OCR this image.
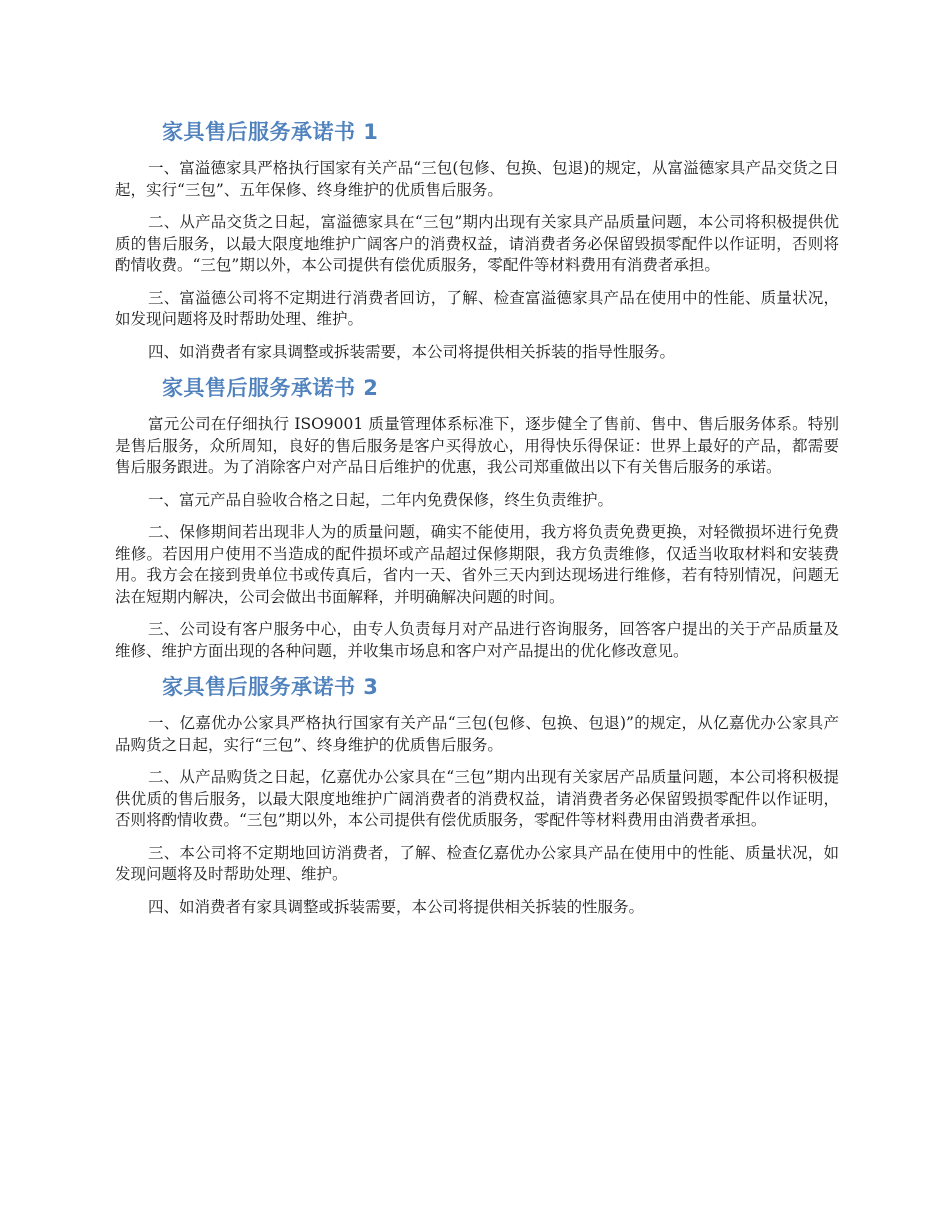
家具售后服务承诺书 1

一、富溢德家具严格执行国家有关产品“三包(包修、包换、包退)的规定，从富溢德家具产品交货之日起，实行“三包”、五年保修、终身维护的优质售后服务。

二、从产品交货之日起，富溢德家具在“三包”期内出现有关家具产品质量问题，本公司将积极提供优质的售后服务，以最大限度地维护广阔客户的消费权益，请消费者务必保留毁损零配件以作证明，否则将酌情收费。“三包”期以外，本公司提供有偿优质服务，零配件等材料费用有消费者承担。

三、富溢德公司将不定期进行消费者回访，了解、检查富溢德家具产品在使用中的性能、质量状况，如发现问题将及时帮助处理、维护。

四、如消费者有家具调整或拆装需要，本公司将提供相关拆装的指导性服务。

家具售后服务承诺书 2

富元公司在仔细执行 ISO9001 质量管理体系标准下，逐步健全了售前、售中、售后服务体系。特别是售后服务，众所周知，良好的售后服务是客户买得放心，用得快乐得保证：世界上最好的产品，都需要售后服务跟进。为了消除客户对产品日后维护的优惠，我公司郑重做出以下有关售后服务的承诺。

一、富元产品自验收合格之日起，二年内免费保修，终生负责维护。

二、保修期间若出现非人为的质量问题，确实不能使用，我方将负责免费更换，对轻微损坏进行免费维修。若因用户使用不当造成的配件损坏或产品超过保修期限，我方负责维修，仅适当收取材料和安装费用。我方会在接到贵单位书或传真后，省内一天、省外三天内到达现场进行维修，若有特别情况，问题无法在短期内解决，公司会做出书面解释，并明确解决问题的时间。

三、公司设有客户服务中心，由专人负责每月对产品进行咨询服务，回答客户提出的关于产品质量及维修、维护方面出现的各种问题，并收集市场息和客户对产品提出的优化修改意见。

家具售后服务承诺书 3

一、亿嘉优办公家具严格执行国家有关产品“三包(包修、包换、包退)”的规定，从亿嘉优办公家具产品购货之日起，实行“三包”、终身维护的优质售后服务。

二、从产品购货之日起，亿嘉优办公家具在“三包”期内出现有关家居产品质量问题，本公司将积极提供优质的售后服务，以最大限度地维护广阔消费者的消费权益，请消费者务必保留毁损零配件以作证明，否则将酌情收费。“三包”期以外，本公司提供有偿优质服务，零配件等材料费用由消费者承担。

三、本公司将不定期地回访消费者，了解、检查亿嘉优办公家具产品在使用中的性能、质量状况，如发现问题将及时帮助处理、维护。

四、如消费者有家具调整或拆装需要，本公司将提供相关拆装的性服务。
